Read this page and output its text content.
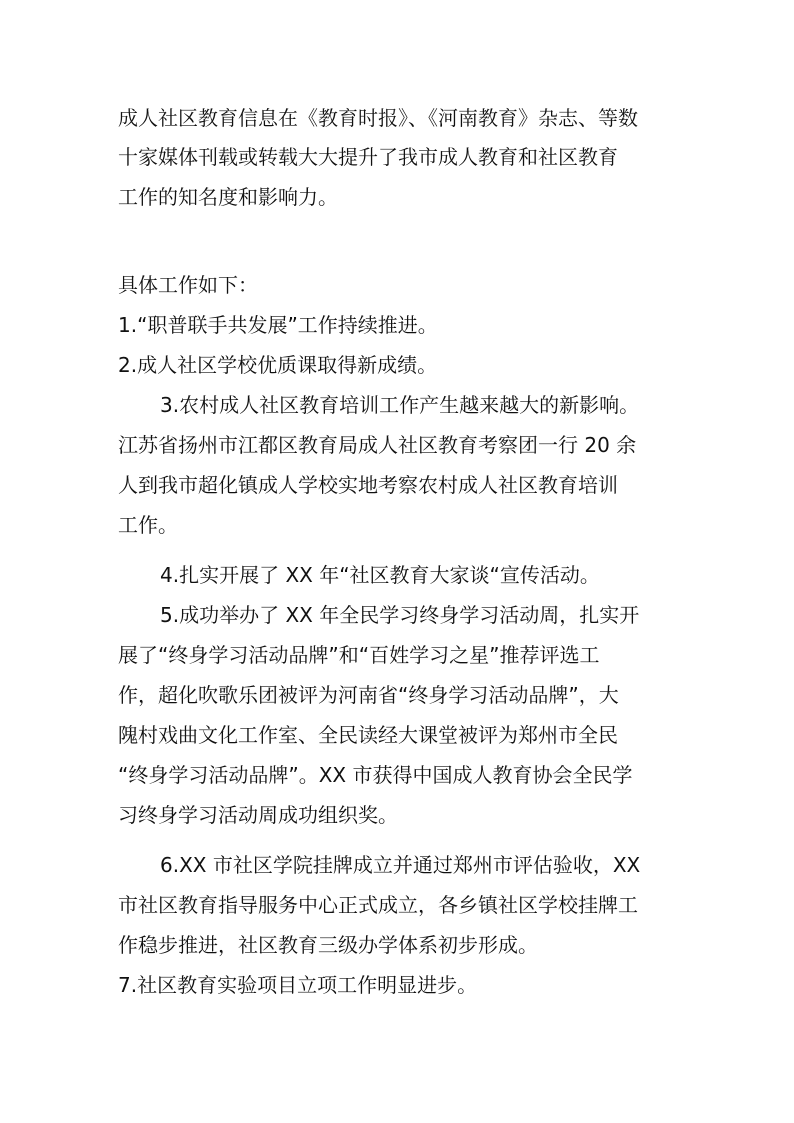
成人社区教育信息在《教育时报》、《河南教育》杂志、等数
十家媒体刊载或转载大大提升了我市成人教育和社区教育
工作的知名度和影响力。
具体工作如下：
1.“职普联手共发展”工作持续推进。
2.成人社区学校优质课取得新成绩。
3.农村成人社区教育培训工作产生越来越大的新影响。
江苏省扬州市江都区教育局成人社区教育考察团一行 20 余
人到我市超化镇成人学校实地考察农村成人社区教育培训
工作。
4.扎实开展了 XX 年“社区教育大家谈“宣传活动。
5.成功举办了 XX 年全民学习终身学习活动周，扎实开
展了“终身学习活动品牌”和“百姓学习之星”推荐评选工
作，超化吹歌乐团被评为河南省“终身学习活动品牌”，大
隗村戏曲文化工作室、全民读经大课堂被评为郑州市全民
“终身学习活动品牌”。XX 市获得中国成人教育协会全民学
习终身学习活动周成功组织奖。
6.XX 市社区学院挂牌成立并通过郑州市评估验收，XX
市社区教育指导服务中心正式成立，各乡镇社区学校挂牌工
作稳步推进，社区教育三级办学体系初步形成。
7.社区教育实验项目立项工作明显进步。
